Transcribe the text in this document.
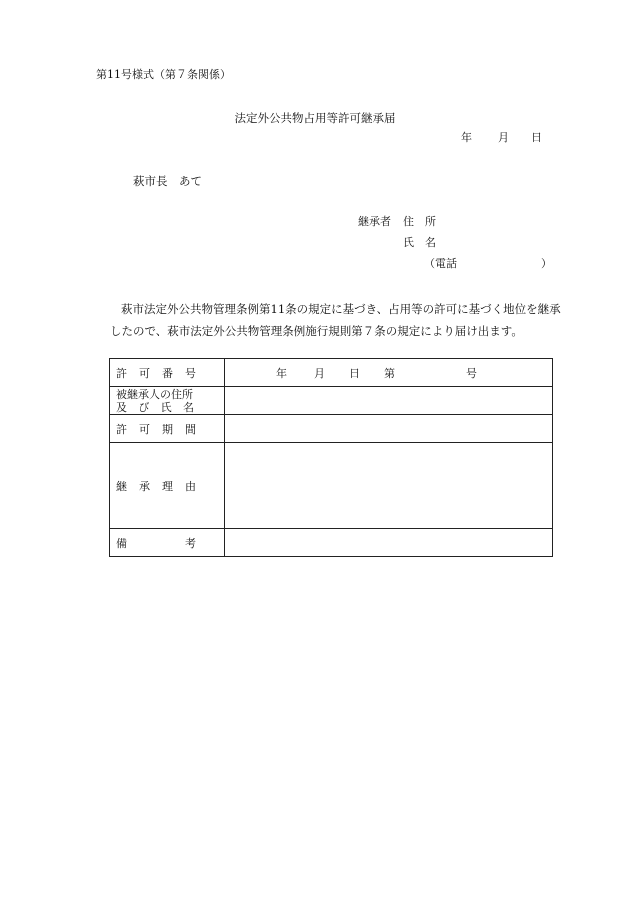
第11号様式（第７条関係）
法定外公共物占用等許可継承届
年 月 日
萩市長　あて
継承者 住　所
氏　名
（電話	）
萩市法定外公共物管理条例第11条の規定に基づき、占用等の許可に基づく地位を継承
したので、萩市法定外公共物管理条例施行規則第７条の規定により届け出ます。
許 可 番 号	年 月 日 第 号

被継承人の住所
及 び 氏 名	

許 可 期 間	

継 承 理 由	

備 考	
